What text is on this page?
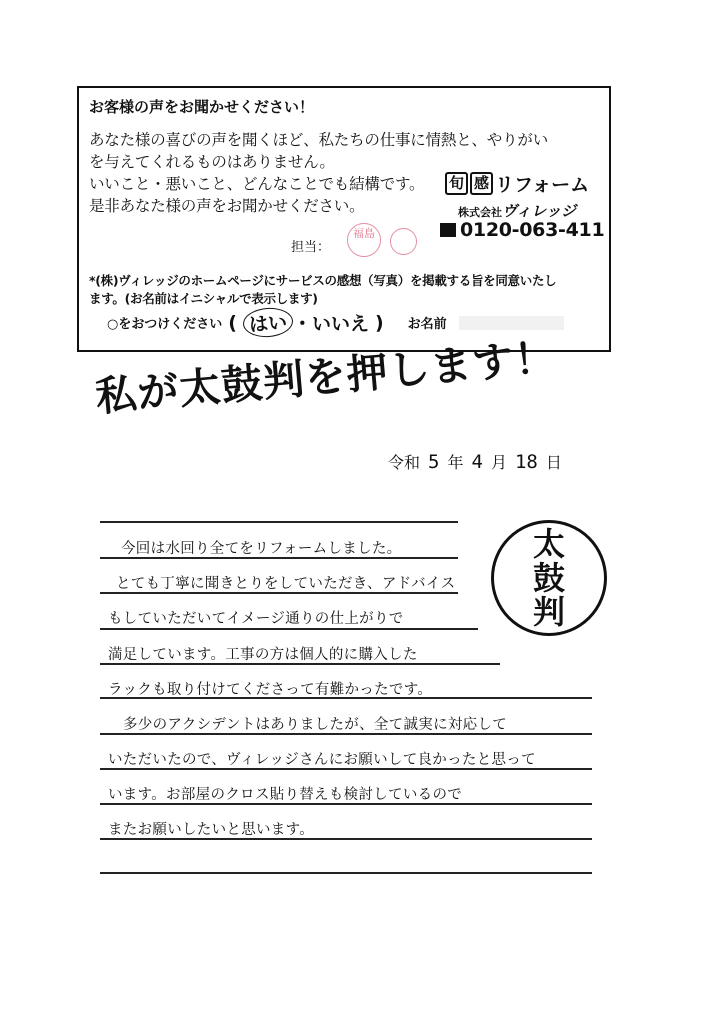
お客様の声をお聞かせください！
あなた様の喜びの声を聞くほど、私たちの仕事に情熱と、やりがい
を与えてくれるものはありません。
いいこと・悪いこと、どんなことでも結構です。
是非あなた様の声をお聞かせください。
旬 感 リフォーム
株式会社ヴィレッジ
0120-063-411
担当：
福島
*(株)ヴィレッジのホームページにサービスの感想（写真）を掲載する旨を同意いたし
ます。(お名前はイニシャルで表示します)
○をおつけください ( はい ・ いいえ ) お名前
私が太鼓判を押します！
令和 5 年 4 月 18 日
今回は水回り全てをリフォームしました。
とても丁寧に聞きとりをしていただき、アドバイス
もしていただいてイメージ通りの仕上がりで
満足しています。工事の方は個人的に購入した
ラックも取り付けてくださって有難かったです。
多少のアクシデントはありましたが、全て誠実に対応して
いただいたので、ヴィレッジさんにお願いして良かったと思って
います。お部屋のクロス貼り替えも検討しているので
またお願いしたいと思います。
太
鼓
判
